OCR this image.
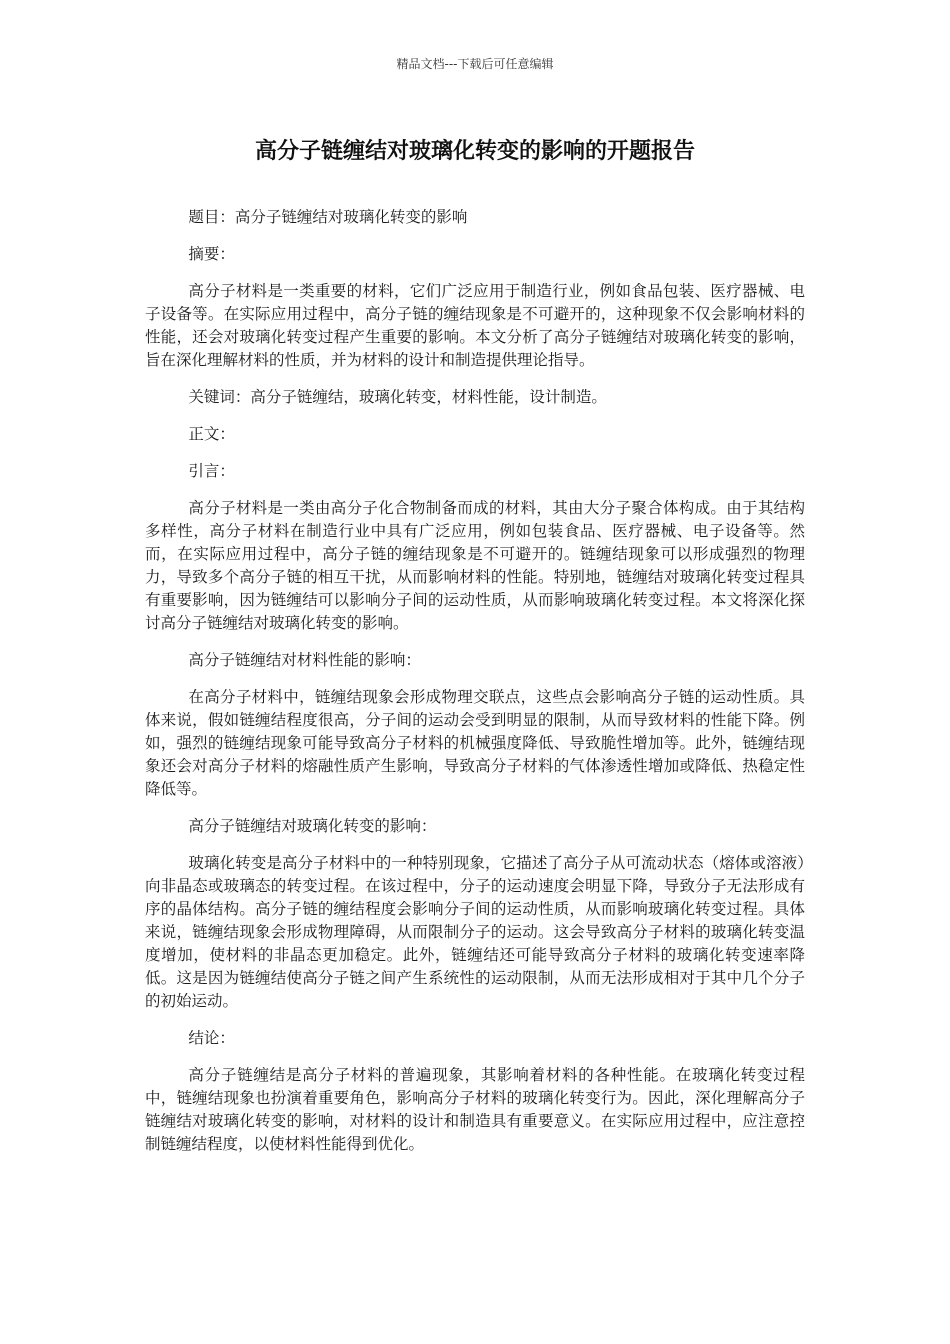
精品文档---下载后可任意编辑
高分子链缠结对玻璃化转变的影响的开题报告

题目：高分子链缠结对玻璃化转变的影响

摘要：

高分子材料是一类重要的材料，它们广泛应用于制造行业，例如食品包装、医疗器械、电子设备等。在实际应用过程中，高分子链的缠结现象是不可避开的，这种现象不仅会影响材料的性能，还会对玻璃化转变过程产生重要的影响。本文分析了高分子链缠结对玻璃化转变的影响，旨在深化理解材料的性质，并为材料的设计和制造提供理论指导。

关键词：高分子链缠结，玻璃化转变，材料性能，设计制造。

正文：

引言：

高分子材料是一类由高分子化合物制备而成的材料，其由大分子聚合体构成。由于其结构多样性，高分子材料在制造行业中具有广泛应用，例如包装食品、医疗器械、电子设备等。然而，在实际应用过程中，高分子链的缠结现象是不可避开的。链缠结现象可以形成强烈的物理力，导致多个高分子链的相互干扰，从而影响材料的性能。特别地，链缠结对玻璃化转变过程具有重要影响，因为链缠结可以影响分子间的运动性质，从而影响玻璃化转变过程。本文将深化探讨高分子链缠结对玻璃化转变的影响。

高分子链缠结对材料性能的影响：

在高分子材料中，链缠结现象会形成物理交联点，这些点会影响高分子链的运动性质。具体来说，假如链缠结程度很高，分子间的运动会受到明显的限制，从而导致材料的性能下降。例如，强烈的链缠结现象可能导致高分子材料的机械强度降低、导致脆性增加等。此外，链缠结现象还会对高分子材料的熔融性质产生影响，导致高分子材料的气体渗透性增加或降低、热稳定性降低等。

高分子链缠结对玻璃化转变的影响：

玻璃化转变是高分子材料中的一种特别现象，它描述了高分子从可流动状态（熔体或溶液）向非晶态或玻璃态的转变过程。在该过程中，分子的运动速度会明显下降，导致分子无法形成有序的晶体结构。高分子链的缠结程度会影响分子间的运动性质，从而影响玻璃化转变过程。具体来说，链缠结现象会形成物理障碍，从而限制分子的运动。这会导致高分子材料的玻璃化转变温度增加，使材料的非晶态更加稳定。此外，链缠结还可能导致高分子材料的玻璃化转变速率降低。这是因为链缠结使高分子链之间产生系统性的运动限制，从而无法形成相对于其中几个分子的初始运动。

结论：

高分子链缠结是高分子材料的普遍现象，其影响着材料的各种性能。在玻璃化转变过程中，链缠结现象也扮演着重要角色，影响高分子材料的玻璃化转变行为。因此，深化理解高分子链缠结对玻璃化转变的影响，对材料的设计和制造具有重要意义。在实际应用过程中，应注意控制链缠结程度，以使材料性能得到优化。
